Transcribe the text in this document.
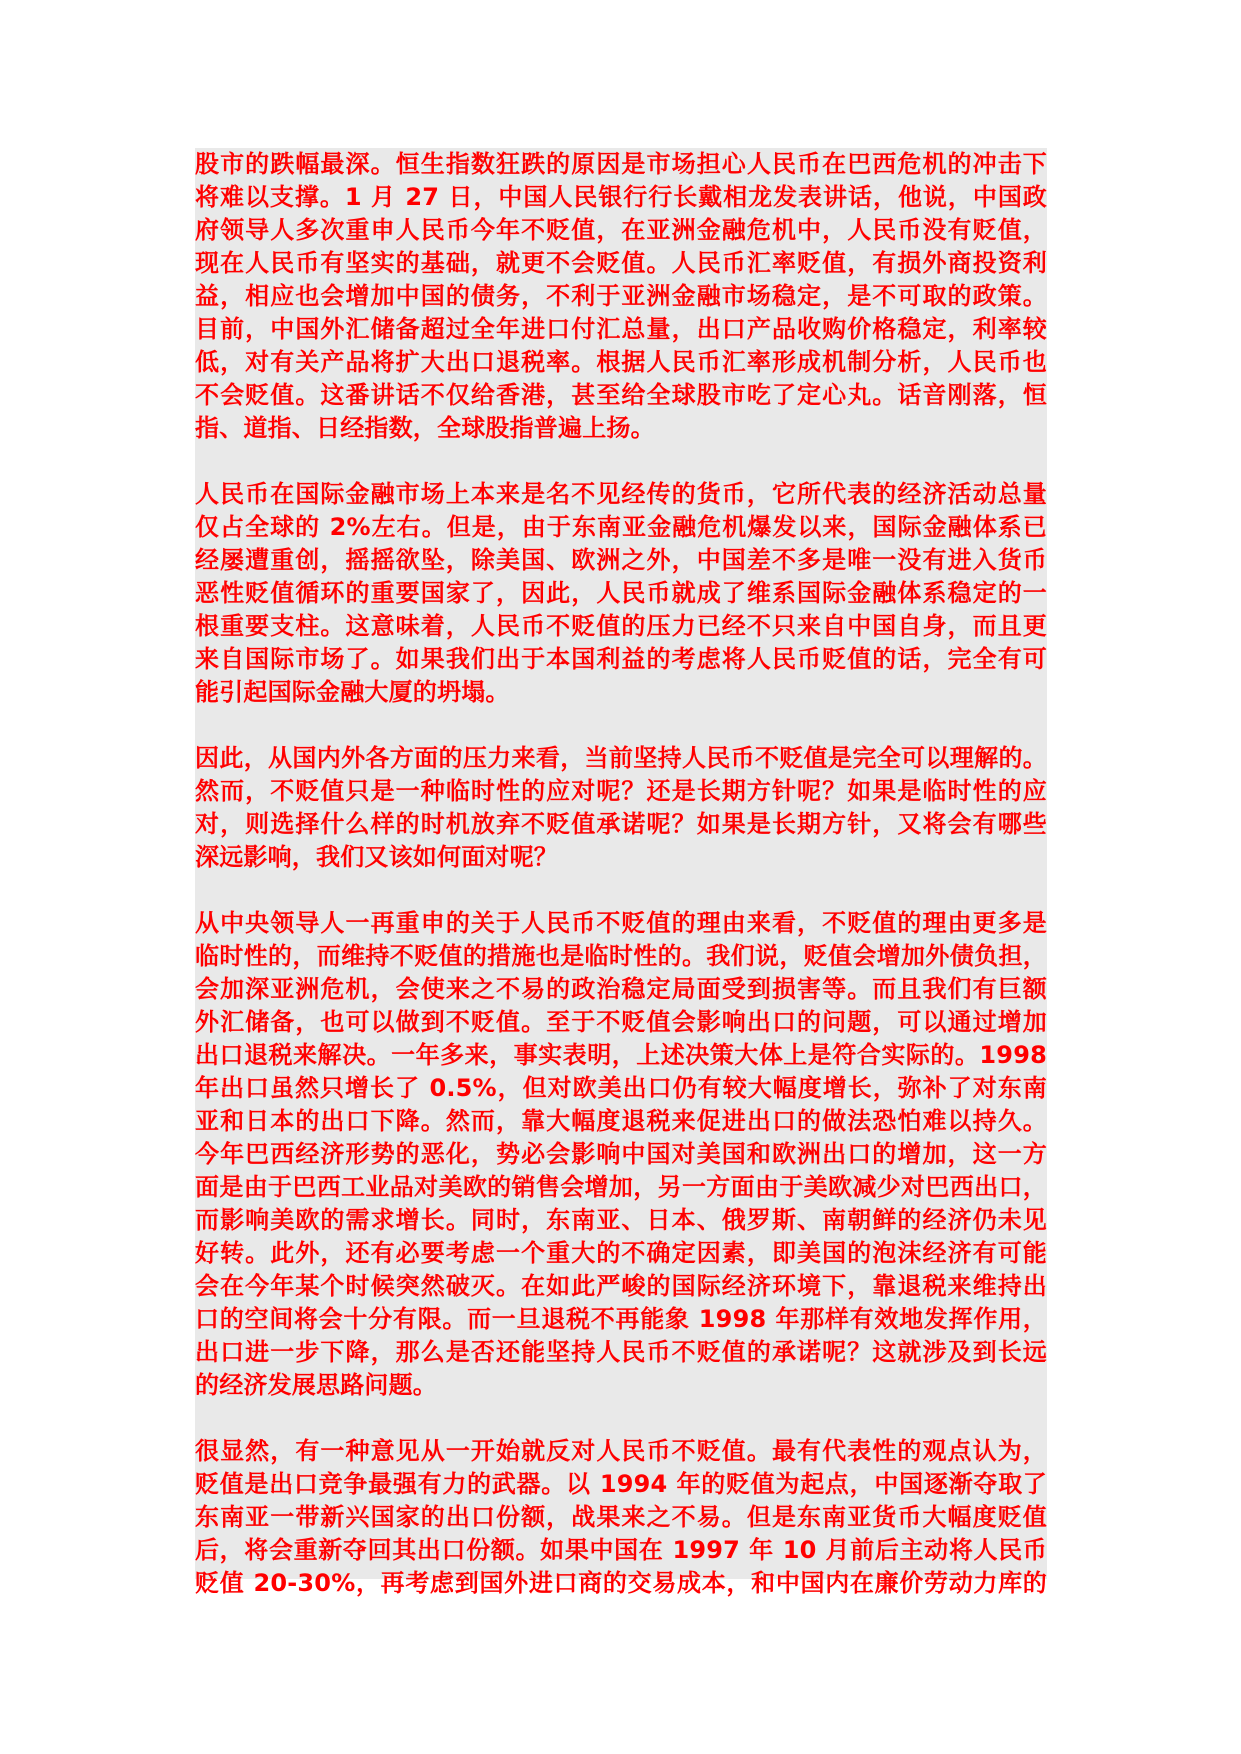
股市的跌幅最深。恒生指数狂跌的原因是市场担心人民币在巴西危机的冲击下
将难以支撑。1 月 27 日，中国人民银行行长戴相龙发表讲话，他说，中国政
府领导人多次重申人民币今年不贬值，在亚洲金融危机中，人民币没有贬值，
现在人民币有坚实的基础，就更不会贬值。人民币汇率贬值，有损外商投资利
益，相应也会增加中国的债务，不利于亚洲金融市场稳定，是不可取的政策。
目前，中国外汇储备超过全年进口付汇总量，出口产品收购价格稳定，利率较
低，对有关产品将扩大出口退税率。根据人民币汇率形成机制分析，人民币也
不会贬值。这番讲话不仅给香港，甚至给全球股市吃了定心丸。话音刚落，恒
指、道指、日经指数，全球股指普遍上扬。
人民币在国际金融市场上本来是名不见经传的货币，它所代表的经济活动总量
仅占全球的 2%左右。但是，由于东南亚金融危机爆发以来，国际金融体系已
经屡遭重创，摇摇欲坠，除美国、欧洲之外，中国差不多是唯一没有进入货币
恶性贬值循环的重要国家了，因此，人民币就成了维系国际金融体系稳定的一
根重要支柱。这意味着，人民币不贬值的压力已经不只来自中国自身，而且更
来自国际市场了。如果我们出于本国利益的考虑将人民币贬值的话，完全有可
能引起国际金融大厦的坍塌。
因此，从国内外各方面的压力来看，当前坚持人民币不贬值是完全可以理解的。
然而，不贬值只是一种临时性的应对呢？还是长期方针呢？如果是临时性的应
对，则选择什么样的时机放弃不贬值承诺呢？如果是长期方针，又将会有哪些
深远影响，我们又该如何面对呢？
从中央领导人一再重申的关于人民币不贬值的理由来看，不贬值的理由更多是
临时性的，而维持不贬值的措施也是临时性的。我们说，贬值会增加外债负担，
会加深亚洲危机，会使来之不易的政治稳定局面受到损害等。而且我们有巨额
外汇储备，也可以做到不贬值。至于不贬值会影响出口的问题，可以通过增加
出口退税来解决。一年多来，事实表明，上述决策大体上是符合实际的。1998
年出口虽然只增长了 0.5%，但对欧美出口仍有较大幅度增长，弥补了对东南
亚和日本的出口下降。然而，靠大幅度退税来促进出口的做法恐怕难以持久。
今年巴西经济形势的恶化，势必会影响中国对美国和欧洲出口的增加，这一方
面是由于巴西工业品对美欧的销售会增加，另一方面由于美欧减少对巴西出口，
而影响美欧的需求增长。同时，东南亚、日本、俄罗斯、南朝鲜的经济仍未见
好转。此外，还有必要考虑一个重大的不确定因素，即美国的泡沫经济有可能
会在今年某个时候突然破灭。在如此严峻的国际经济环境下，靠退税来维持出
口的空间将会十分有限。而一旦退税不再能象 1998 年那样有效地发挥作用，
出口进一步下降，那么是否还能坚持人民币不贬值的承诺呢？这就涉及到长远
的经济发展思路问题。
很显然，有一种意见从一开始就反对人民币不贬值。最有代表性的观点认为，
贬值是出口竞争最强有力的武器。以 1994 年的贬值为起点，中国逐渐夺取了
东南亚一带新兴国家的出口份额，战果来之不易。但是东南亚货币大幅度贬值
后，将会重新夺回其出口份额。如果中国在 1997 年 10 月前后主动将人民币
贬值 20-30%，再考虑到国外进口商的交易成本，和中国内在廉价劳动力库的
